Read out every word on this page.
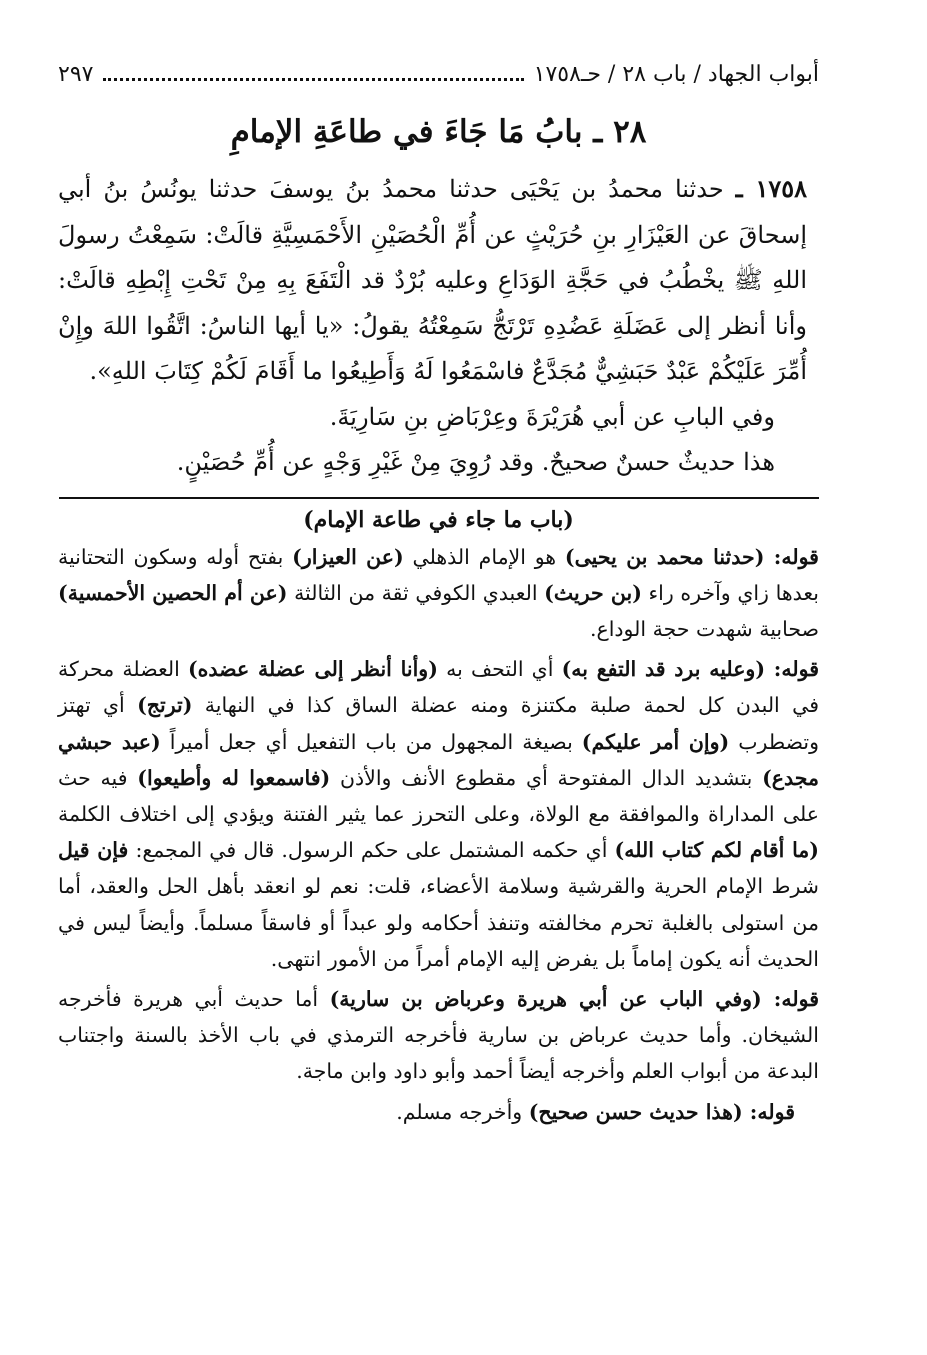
أبواب الجهاد / باب ٢٨ / حـ١٧٥٨
٢٩٧
٢٨ ـ بابُ مَا جَاءَ في طاعَةِ الإمامِ

١٧٥٨ ـ حدثنا محمدُ بن يَحْيَى حدثنا محمدُ بنُ يوسفَ حدثنا يونُسُ بنُ أبي إسحاقَ عن العَيْزَارِ بنِ حُرَيْثٍ عن أُمِّ الْحُصَيْنِ الأَحْمَسِيَّةِ قالَتْ: سَمِعْتُ رسولَ اللهِ ﷺ يخْطُبُ في حَجَّةِ الوَدَاعِ وعليه بُرْدٌ قد الْتَفَعَ بِهِ مِنْ تَحْتِ إِبْطِهِ قالَتْ: وأنا أنظر إلى عَضَلَةِ عَضُدِهِ تَرْتَجُّ سَمِعْتُهُ يقولُ: «يا أيها الناسُ: اتَّقُوا اللهَ وإِنْ أُمِّرَ عَلَيْكُمْ عَبْدٌ حَبَشِيٌّ مُجَدَّعٌ فاسْمَعُوا لَهُ وَأَطِيعُوا ما أَقَامَ لَكُمْ كِتَابَ اللهِ».

وفي البابِ عن أبي هُرَيْرَةَ وعِرْبَاضِ بنِ سَارِيَةَ.

هذا حديثٌ حسنٌ صحيحٌ. وقد رُوِيَ مِنْ غَيْرِ وَجْهٍ عن أُمِّ حُصَيْنٍ.

(باب ما جاء في طاعة الإمام)

قوله: (حدثنا محمد بن يحيى) هو الإمام الذهلي (عن العيزار) بفتح أوله وسكون التحتانية بعدها زاي وآخره راء (بن حريث) العبدي الكوفي ثقة من الثالثة (عن أم الحصين الأحمسية) صحابية شهدت حجة الوداع.

قوله: (وعليه برد قد التفع به) أي التحف به (وأنا أنظر إلى عضلة عضده) العضلة محركة في البدن كل لحمة صلبة مكتنزة ومنه عضلة الساق كذا في النهاية (ترتج) أي تهتز وتضطرب (وإن أمر عليكم) بصيغة المجهول من باب التفعيل أي جعل أميراً (عبد حبشي مجدع) بتشديد الدال المفتوحة أي مقطوع الأنف والأذن (فاسمعوا له وأطيعوا) فيه حث على المداراة والموافقة مع الولاة، وعلى التحرز عما يثير الفتنة ويؤدي إلى اختلاف الكلمة (ما أقام لكم كتاب الله) أي حكمه المشتمل على حكم الرسول. قال في المجمع: فإن قيل شرط الإمام الحرية والقرشية وسلامة الأعضاء، قلت: نعم لو انعقد بأهل الحل والعقد، أما من استولى بالغلبة تحرم مخالفته وتنفذ أحكامه ولو عبداً أو فاسقاً مسلماً. وأيضاً ليس في الحديث أنه يكون إماماً بل يفرض إليه الإمام أمراً من الأمور انتهى.

قوله: (وفي الباب عن أبي هريرة وعرباض بن سارية) أما حديث أبي هريرة فأخرجه الشيخان. وأما حديث عرباض بن سارية فأخرجه الترمذي في باب الأخذ بالسنة واجتناب البدعة من أبواب العلم وأخرجه أيضاً أحمد وأبو داود وابن ماجة.

قوله: (هذا حديث حسن صحيح) وأخرجه مسلم.
